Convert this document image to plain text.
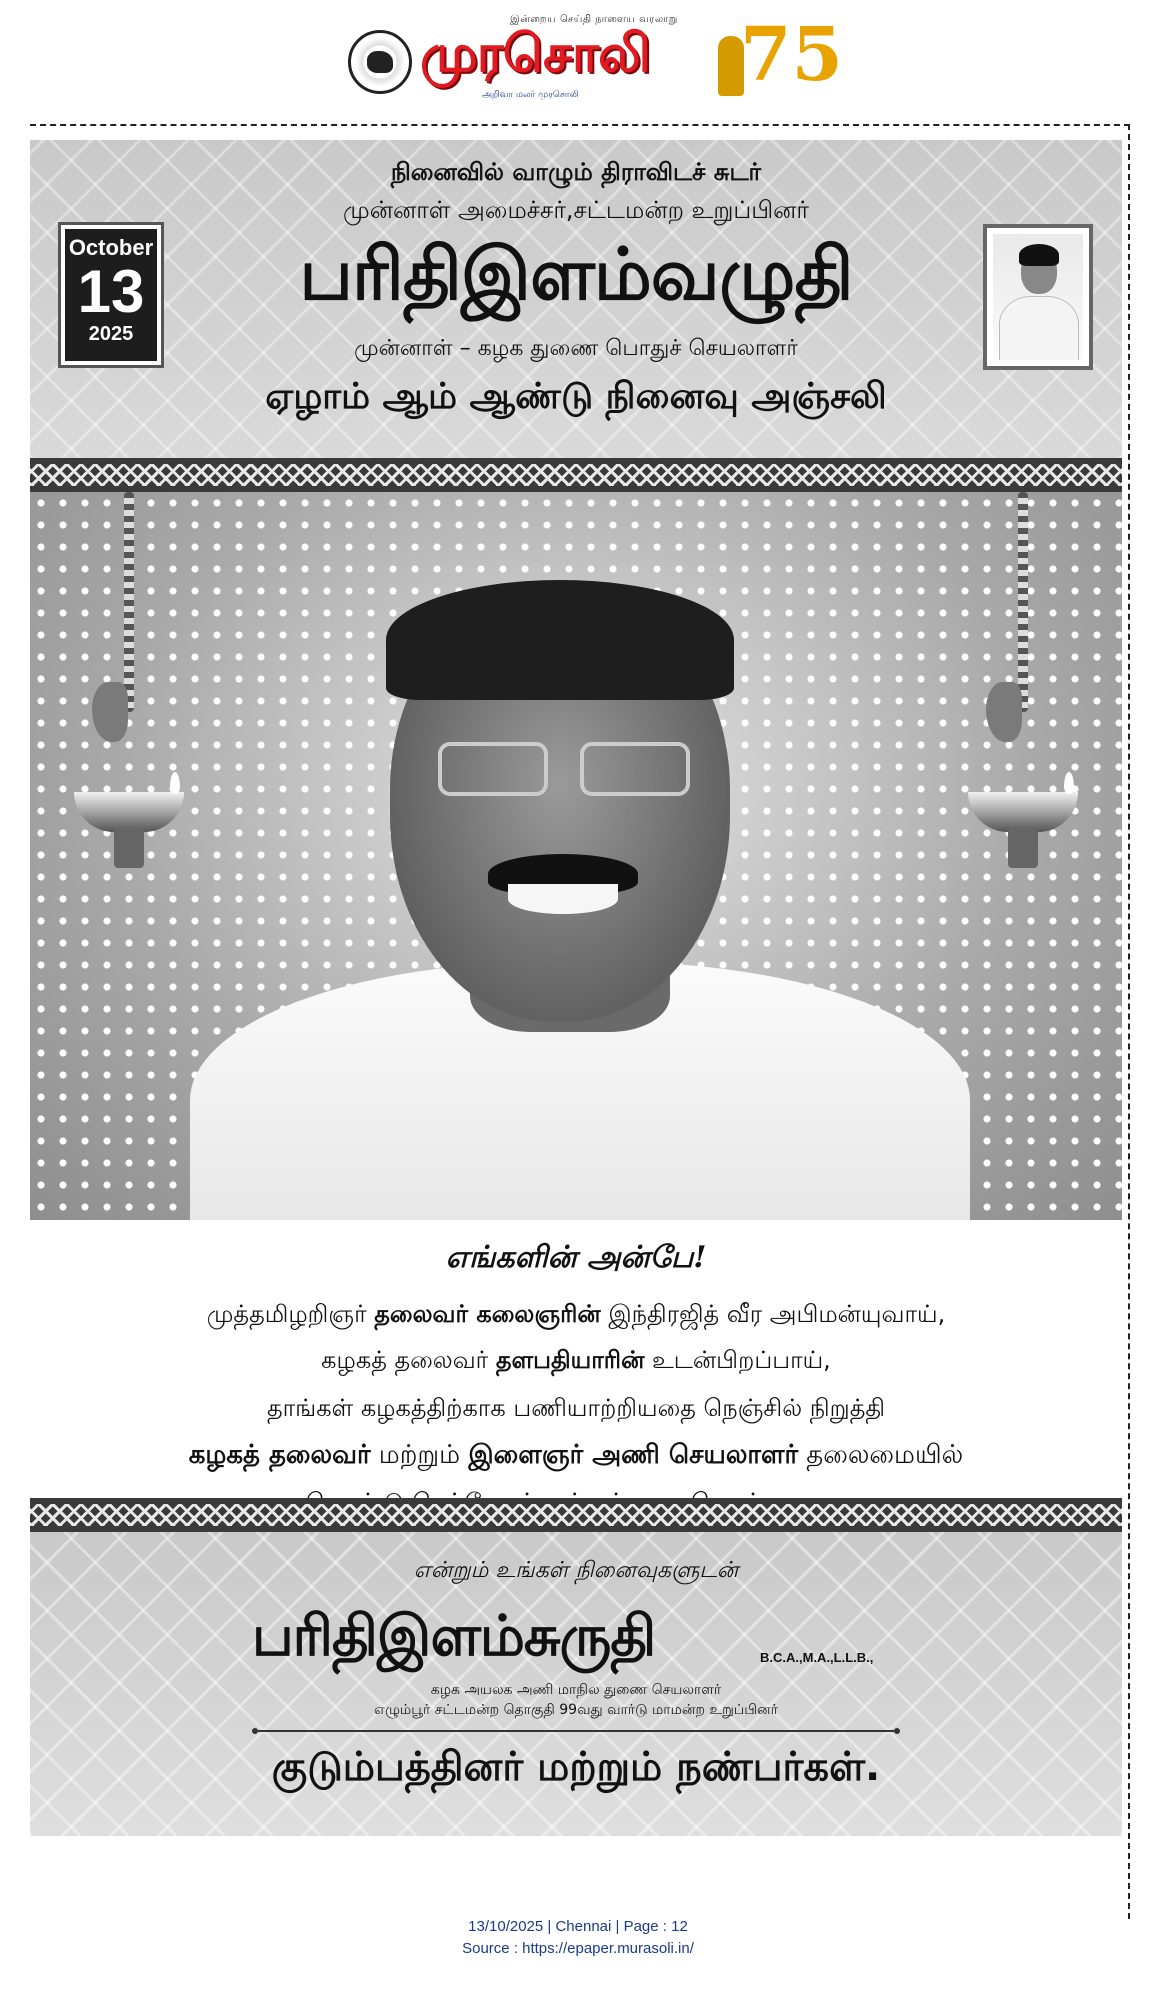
இன்றைய செய்தி நாளைய வரலாறு
முரசொலி
அறிவா மலர் முரசொலி 75
October
13
2025
நினைவில் வாழும் திராவிடச் சுடர்
முன்னாள் அமைச்சர்,சட்டமன்ற உறுப்பினர்
பரிதிஇளம்வழுதி
முன்னாள் – கழக துணை பொதுச் செயலாளர்
ஏழாம் ஆம் ஆண்டு நினைவு அஞ்சலி
எங்களின் அன்பே!
முத்தமிழறிஞர் தலைவர் கலைஞரின் இந்திரஜித் வீர அபிமன்யுவாய்,
கழகத் தலைவர் தளபதியாரின் உடன்பிறப்பாய்,
தாங்கள் கழகத்திற்காக பணியாற்றியதை நெஞ்சில் நிறுத்தி
கழகத் தலைவர் மற்றும் இளைஞர் அணி செயலாளர் தலைமையில்
என்றும் உங்கள் நினைவுகளுடன்
பரிதிஇளம்சுருதி	B.C.A.,M.A.,L.L.B.,
கழக அயலக அணி மாநில துணை செயலாளர்
எழும்பூர் சட்டமன்ற தொகுதி 99வது வார்டு மாமன்ற உறுப்பினர்
குடும்பத்தினர் மற்றும் நண்பர்கள்.
13/10/2025 | Chennai | Page : 12
Source : https://epaper.murasoli.in/
